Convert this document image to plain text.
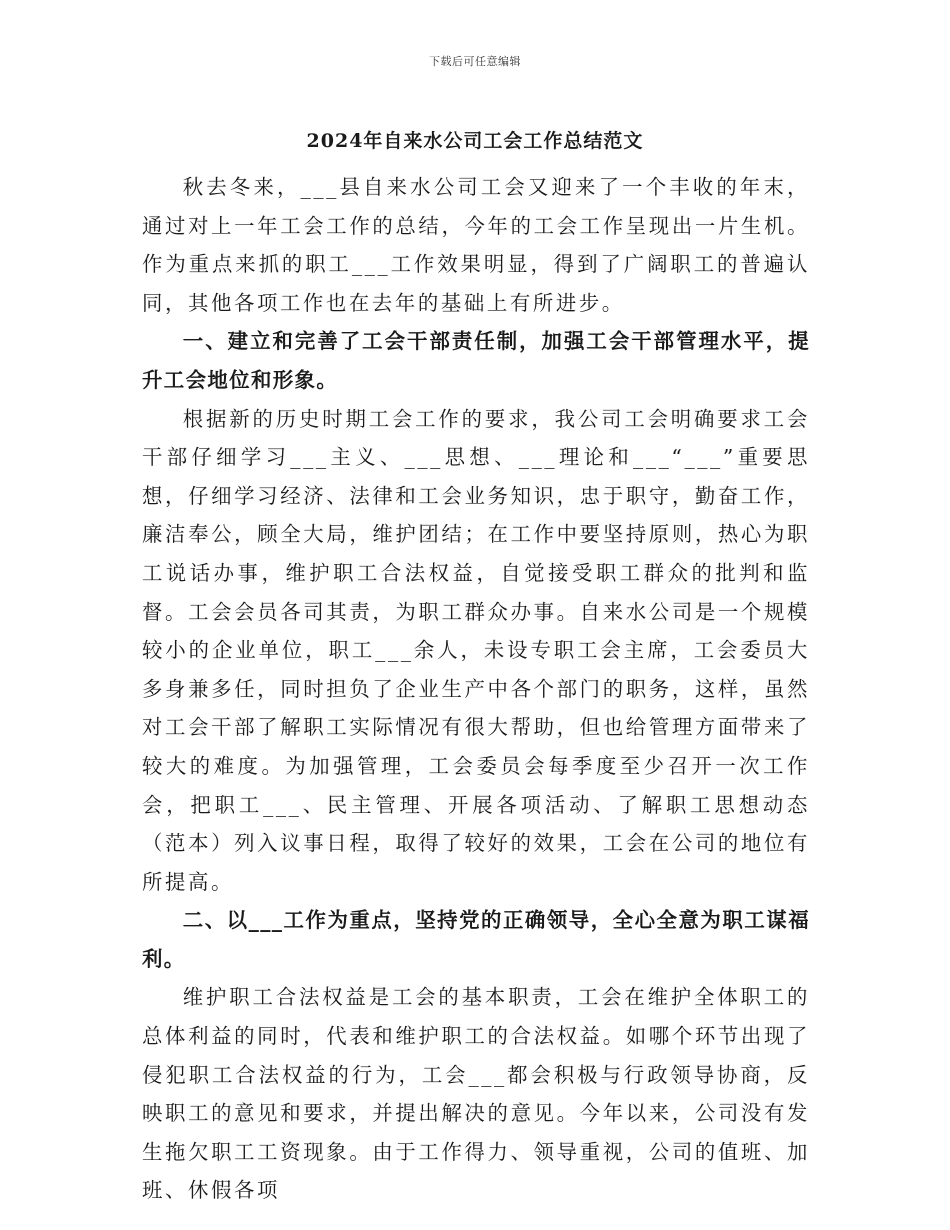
下载后可任意编辑
2024年自来水公司工会工作总结范文

秋去冬来，___县自来水公司工会又迎来了一个丰收的年末，通过对上一年工会工作的总结，今年的工会工作呈现出一片生机。作为重点来抓的职工___工作效果明显，得到了广阔职工的普遍认同，其他各项工作也在去年的基础上有所进步。

一、建立和完善了工会干部责任制，加强工会干部管理水平，提升工会地位和形象。

根据新的历史时期工会工作的要求，我公司工会明确要求工会干部仔细学习___主义、___思想、___理论和___“___”重要思想，仔细学习经济、法律和工会业务知识，忠于职守，勤奋工作，廉洁奉公，顾全大局，维护团结；在工作中要坚持原则，热心为职工说话办事，维护职工合法权益，自觉接受职工群众的批判和监督。工会会员各司其责，为职工群众办事。自来水公司是一个规模较小的企业单位，职工___余人，未设专职工会主席，工会委员大多身兼多任，同时担负了企业生产中各个部门的职务，这样，虽然对工会干部了解职工实际情况有很大帮助，但也给管理方面带来了较大的难度。为加强管理，工会委员会每季度至少召开一次工作会，把职工___、民主管理、开展各项活动、了解职工思想动态（范本）列入议事日程，取得了较好的效果，工会在公司的地位有所提高。

二、以___工作为重点，坚持党的正确领导，全心全意为职工谋福利。

维护职工合法权益是工会的基本职责，工会在维护全体职工的总体利益的同时，代表和维护职工的合法权益。如哪个环节出现了侵犯职工合法权益的行为，工会___都会积极与行政领导协商，反映职工的意见和要求，并提出解决的意见。今年以来，公司没有发生拖欠职工工资现象。由于工作得力、领导重视，公司的值班、加班、休假各项
